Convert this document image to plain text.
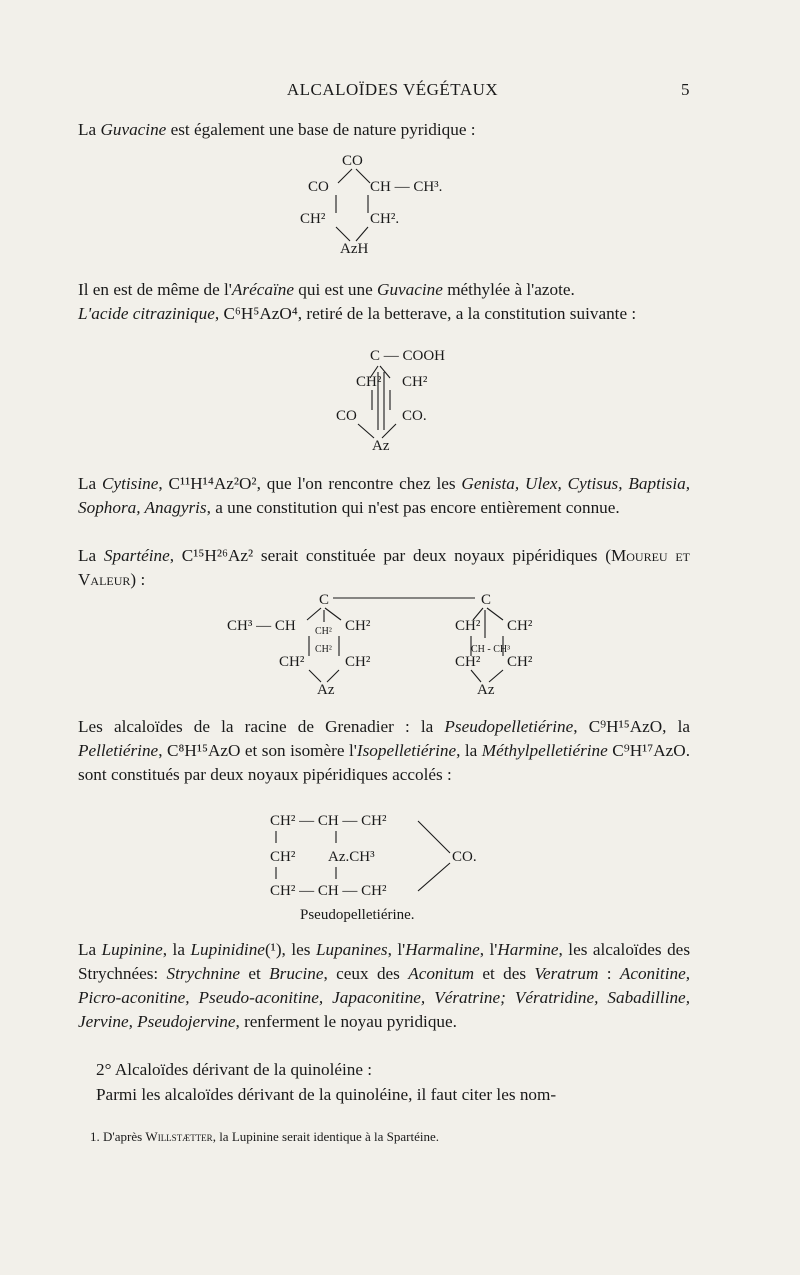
ALCALOÏDES VÉGÉTAUX	5

La Guvacine est également une base de nature pyridique :

CO
CO	CH — CH³.
CH²	CH².
AzH

Il en est de même de l'Arécaïne qui est une Guvacine méthylée à l'azote.

L'acide citrazinique, C⁶H⁵AzO⁴, retiré de la betterave, a la constitution suivante :

C — COOH
CH² CH²
CO	CO.
Az

La Cytisine, C¹¹H¹⁴Az²O², que l'on rencontre chez les Genista, Ulex, Cytisus, Baptisia, Sophora, Anagyris, a une constitution qui n'est pas encore entièrement connue.

La Spartéine, C¹⁵H²⁶Az² serait constituée par deux noyaux pipéridiques (Moureu et Valeur) :

C	C
CH³ — CH CH² CH²
CH²
CH²	CH²
Az
CH² CH²
CH - CH³
CH² CH²
Az

Les alcaloïdes de la racine de Grenadier : la Pseudopelletiérine, C⁹H¹⁵AzO, la Pelletiérine, C⁸H¹⁵AzO et son isomère l'Isopelletiérine, la Méthylpelletiérine C⁹H¹⁷AzO. sont constitués par deux noyaux pipéridiques accolés :

CH² — CH — CH²
CH² Az.CH³	CO.
CH² — CH — CH²
Pseudopelletiérine.

La Lupinine, la Lupinidine(¹), les Lupanines, l'Harmaline, l'Harmine, les alcaloïdes des Strychnées: Strychnine et Brucine, ceux des Aconitum et des Veratrum : Aconitine, Picro-aconitine, Pseudo-aconitine, Japaconitine, Vératrine; Vératridine, Sabadilline, Jervine, Pseudojervine, renferment le noyau pyridique.

2° Alcaloïdes dérivant de la quinoléine :

Parmi les alcaloïdes dérivant de la quinoléine, il faut citer les nom-

1. D'après Willstætter, la Lupinine serait identique à la Spartéine.
